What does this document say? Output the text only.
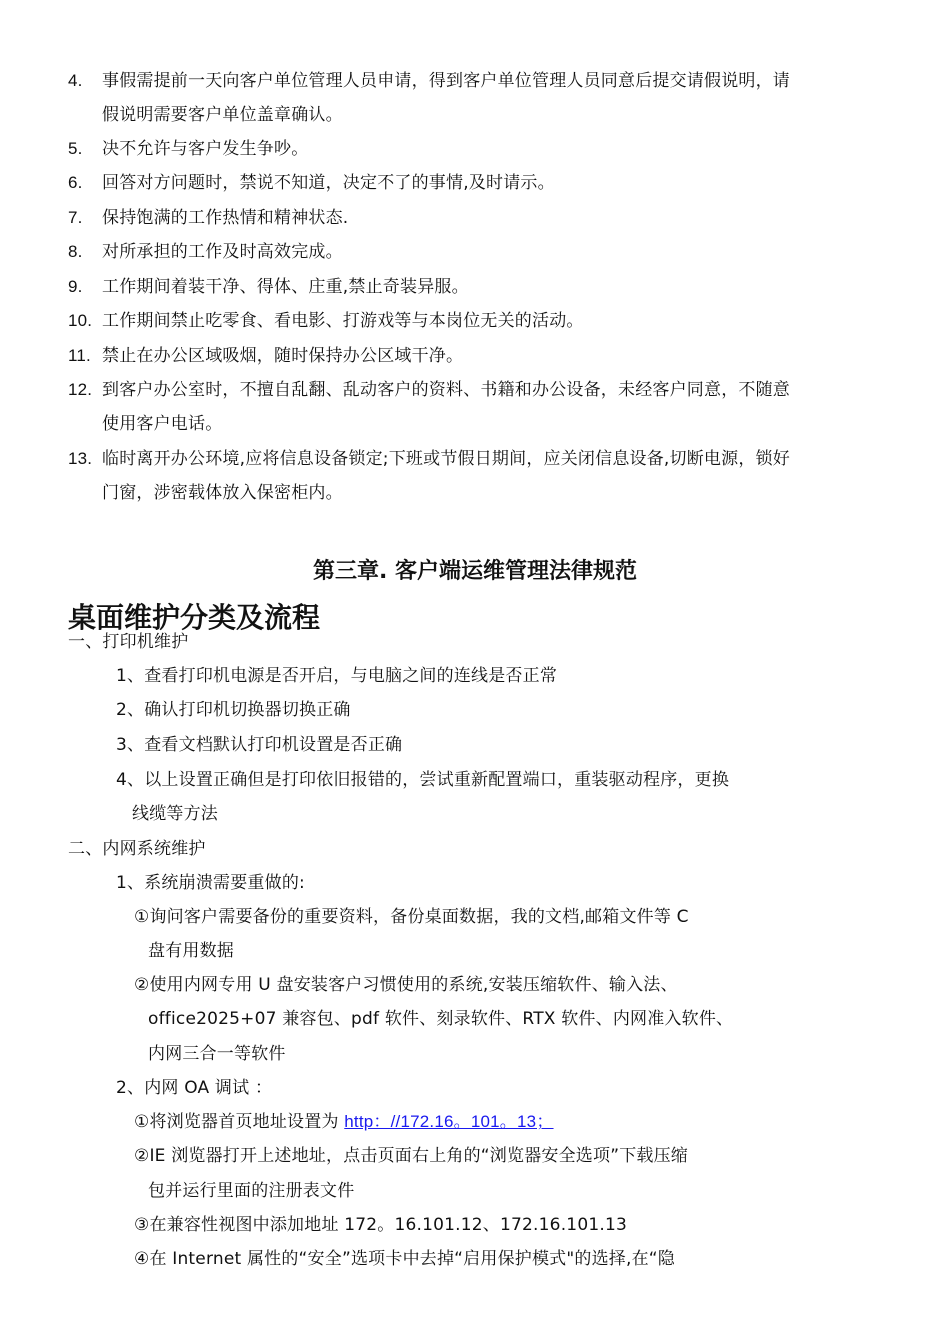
4. 事假需提前一天向客户单位管理人员申请，得到客户单位管理人员同意后提交请假说明，请
假说明需要客户单位盖章确认。
5. 决不允许与客户发生争吵。
6. 回答对方问题时，禁说不知道，决定不了的事情,及时请示。
7. 保持饱满的工作热情和精神状态.
8. 对所承担的工作及时高效完成。
9. 工作期间着装干净、得体、庄重,禁止奇装异服。
10. 工作期间禁止吃零食、看电影、打游戏等与本岗位无关的活动。
11. 禁止在办公区域吸烟，随时保持办公区域干净。
12. 到客户办公室时，不擅自乱翻、乱动客户的资料、书籍和办公设备，未经客户同意，不随意
使用客户电话。
13. 临时离开办公环境,应将信息设备锁定;下班或节假日期间，应关闭信息设备,切断电源，锁好
门窗，涉密载体放入保密柜内。
第三章. 客户端运维管理法律规范
桌面维护分类及流程
一、打印机维护
1、查看打印机电源是否开启，与电脑之间的连线是否正常
2、确认打印机切换器切换正确
3、查看文档默认打印机设置是否正确
4、以上设置正确但是打印依旧报错的，尝试重新配置端口，重装驱动程序，更换
线缆等方法
二、内网系统维护
1、系统崩溃需要重做的:
①询问客户需要备份的重要资料，备份桌面数据，我的文档,邮箱文件等 C
盘有用数据
②使用内网专用 U 盘安装客户习惯使用的系统,安装压缩软件、输入法、
office2025+07 兼容包、pdf 软件、刻录软件、RTX 软件、内网准入软件、
内网三合一等软件
2、内网 OA 调试 ：
①将浏览器首页地址设置为 http：//172.16。101。13；
②IE 浏览器打开上述地址，点击页面右上角的“浏览器安全选项”下载压缩
包并运行里面的注册表文件
③在兼容性视图中添加地址 172。16.101.12、172.16.101.13
④在 Internet 属性的“安全”选项卡中去掉“启用保护模式"的选择,在“隐
